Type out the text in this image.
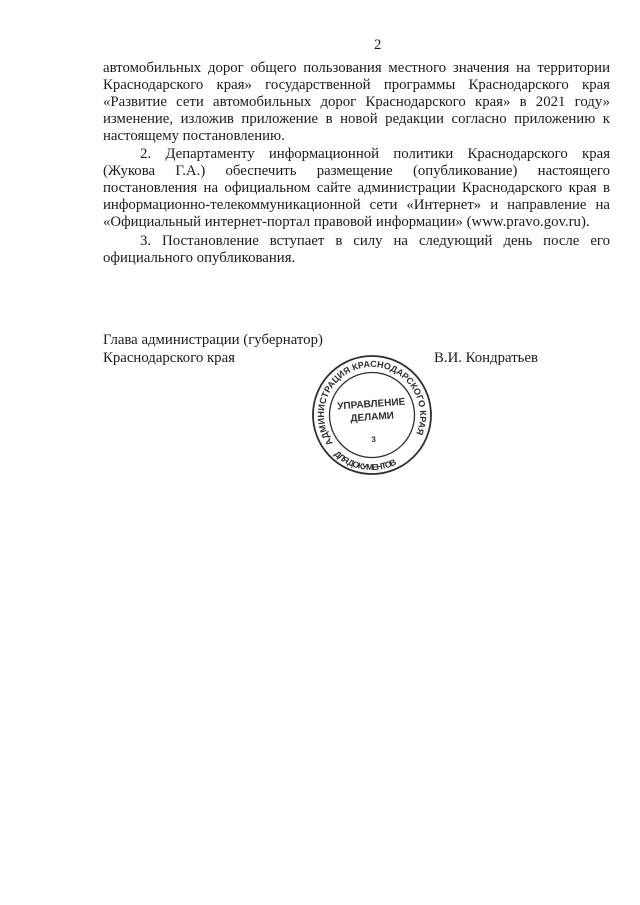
2
автомобильных дорог общего пользования местного значения на территории
Краснодарского края» государственной программы Краснодарского края
«Развитие сети автомобильных дорог Краснодарского края» в 2021 году»
изменение, изложив приложение в новой редакции согласно приложению к
настоящему постановлению.
2. Департаменту информационной политики Краснодарского края
(Жукова Г.А.) обеспечить размещение (опубликование) настоящего
постановления на официальном сайте администрации Краснодарского края в
информационно-телекоммуникационной сети «Интернет» и направление на
«Официальный интернет-портал правовой информации» (www.pravo.gov.ru).
3. Постановление вступает в силу на следующий день после его
официального опубликования.
Глава администрации (губернатор)
Краснодарского края	В.И. Кондратьев
АДМИНИСТРАЦИЯ КРАСНОДАРСКОГО КРАЯ
ДЛЯ ДОКУМЕНТОВ
УПРАВЛЕНИЕ
ДЕЛАМИ
3
